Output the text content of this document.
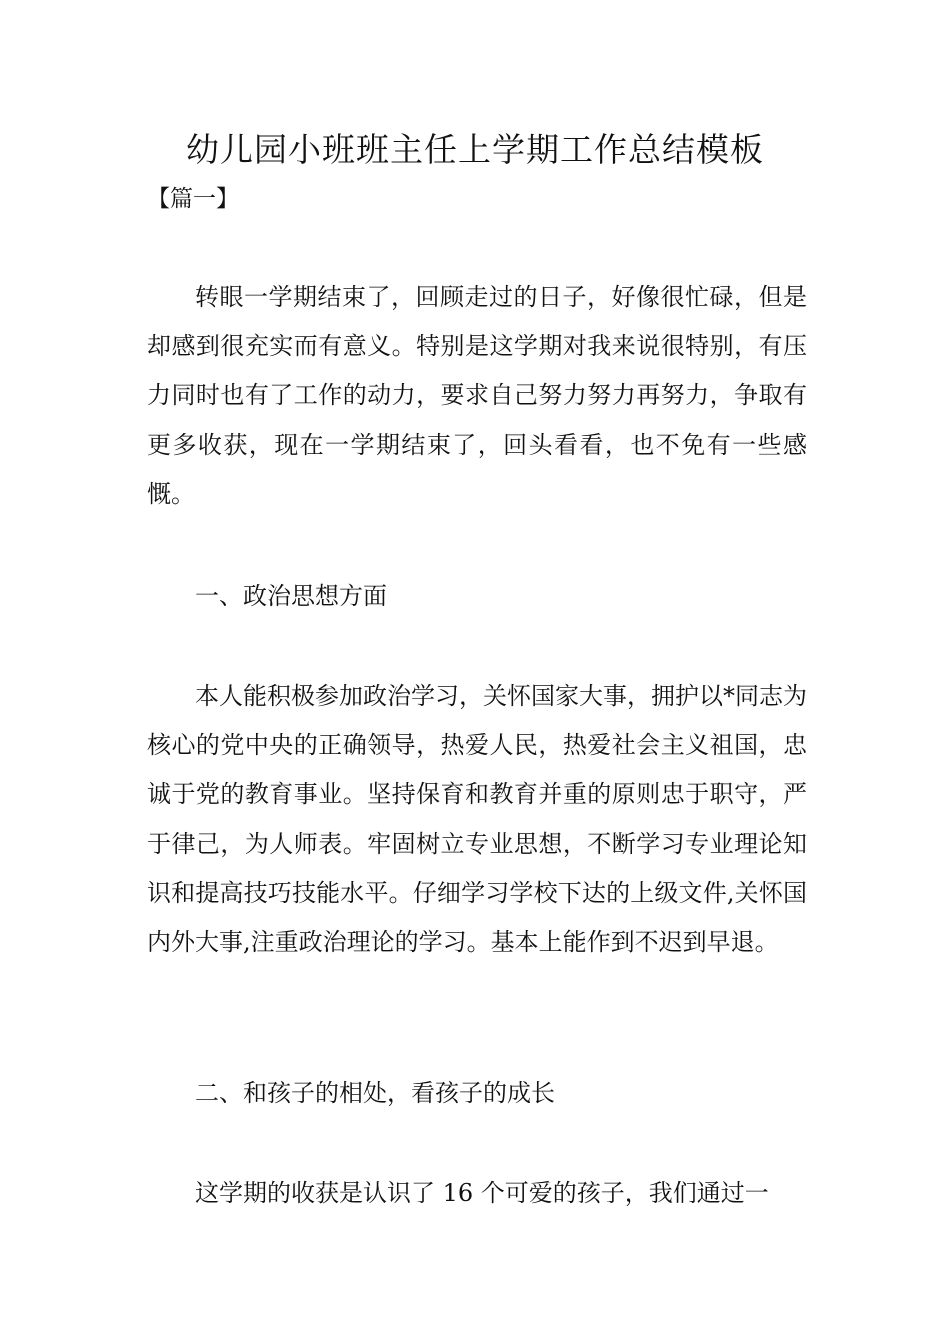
幼儿园小班班主任上学期工作总结模板

【篇一】

转眼一学期结束了，回顾走过的日子，好像很忙碌，但是却感到很充实而有意义。特别是这学期对我来说很特别，有压力同时也有了工作的动力，要求自己努力努力再努力，争取有更多收获，现在一学期结束了，回头看看，也不免有一些感慨。

一、政治思想方面

本人能积极参加政治学习，关怀国家大事，拥护以*同志为核心的党中央的正确领导，热爱人民，热爱社会主义祖国，忠诚于党的教育事业。坚持保育和教育并重的原则忠于职守，严于律己，为人师表。牢固树立专业思想，不断学习专业理论知识和提高技巧技能水平。仔细学习学校下达的上级文件,关怀国内外大事,注重政治理论的学习。基本上能作到不迟到早退。

二、和孩子的相处，看孩子的成长

这学期的收获是认识了 16 个可爱的孩子，我们通过一
